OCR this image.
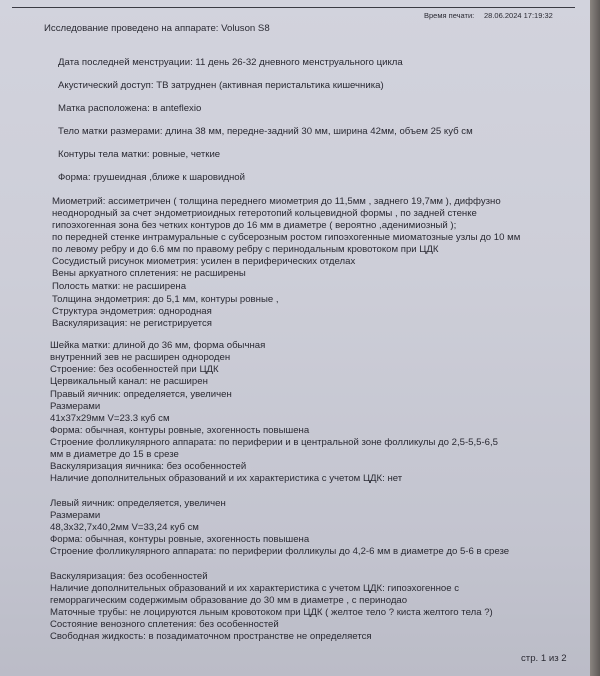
Время печати: 28.06.2024 17:19:32
Исследование проведено на аппарате: Voluson S8
Дата последней менструации: 11 день 26-32 дневного менструального цикла
Акустический доступ: ТВ затруднен (активная перистальтика кишечника)
Матка расположена: в anteflexio
Тело матки размерами: длина 38 мм, передне-задний 30 мм, ширина 42мм, объем 25 куб см
Контуры тела матки: ровные, четкие
Форма: грушеидная ,ближе к шаровидной
Миометрий: ассиметричен ( толщина переднего миометрия до 11,5мм , заднего 19,7мм ), диффузно
неоднородный за счет эндометриоидных гетеротопий кольцевидной формы , по задней стенке
гипоэхогенная зона без четких контуров до 16 мм в диаметре ( вероятно ,аденимиозный );
по передней стенке интрамуральные с субсерозным ростом гипоэхогенные миоматозные узлы до 10 мм
по левому ребру и до 6.6 мм по правому ребру с перинодальным кровотоком при ЦДК
Сосудистый рисунок миометрия: усилен в периферических отделах
Вены аркуатного сплетения: не расширены
Полость матки: не расширена
Толщина эндометрия: до 5,1 мм, контуры ровные ,
Структура эндометрия: однородная
Васкуляризация: не регистрируется
Шейка матки: длиной до 36 мм, форма обычная
внутренний зев не расширен однороден
Строение: без особенностей при ЦДК
Цервикальный канал: не расширен
Правый яичник: определяется, увеличен
Размерами
41x37x29мм V=23.3 куб см
Форма: обычная, контуры ровные, эхогенность повышена
Строение фолликулярного аппарата: по периферии и в центральной зоне фолликулы до 2,5-5,5-6,5
мм в диаметре до 15 в срезе
Васкуляризация яичника: без особенностей
Наличие дополнительных образований и их характеристика с учетом ЦДК: нет
Левый яичник: определяется, увеличен
Размерами
48,3x32,7x40,2мм V=33,24 куб см
Форма: обычная, контуры ровные, эхогенность повышена
Строение фолликулярного аппарата: по периферии фолликулы до 4,2-6 мм в диаметре до 5-6 в срезе
Васкуляризация: без особенностей
Наличие дополнительных образований и их характеристика с учетом ЦДК: гипоэхогенное с
геморрагическим содержимым образование до 30 мм в диаметре , с перинодао
Маточные трубы: не лоцируются льным кровотоком при ЦДК ( желтое тело ? киста желтого тела ?)
Состояние венозного сплетения: без особенностей
Свободная жидкость: в позадиматочном пространстве не определяется
стр. 1 из 2
